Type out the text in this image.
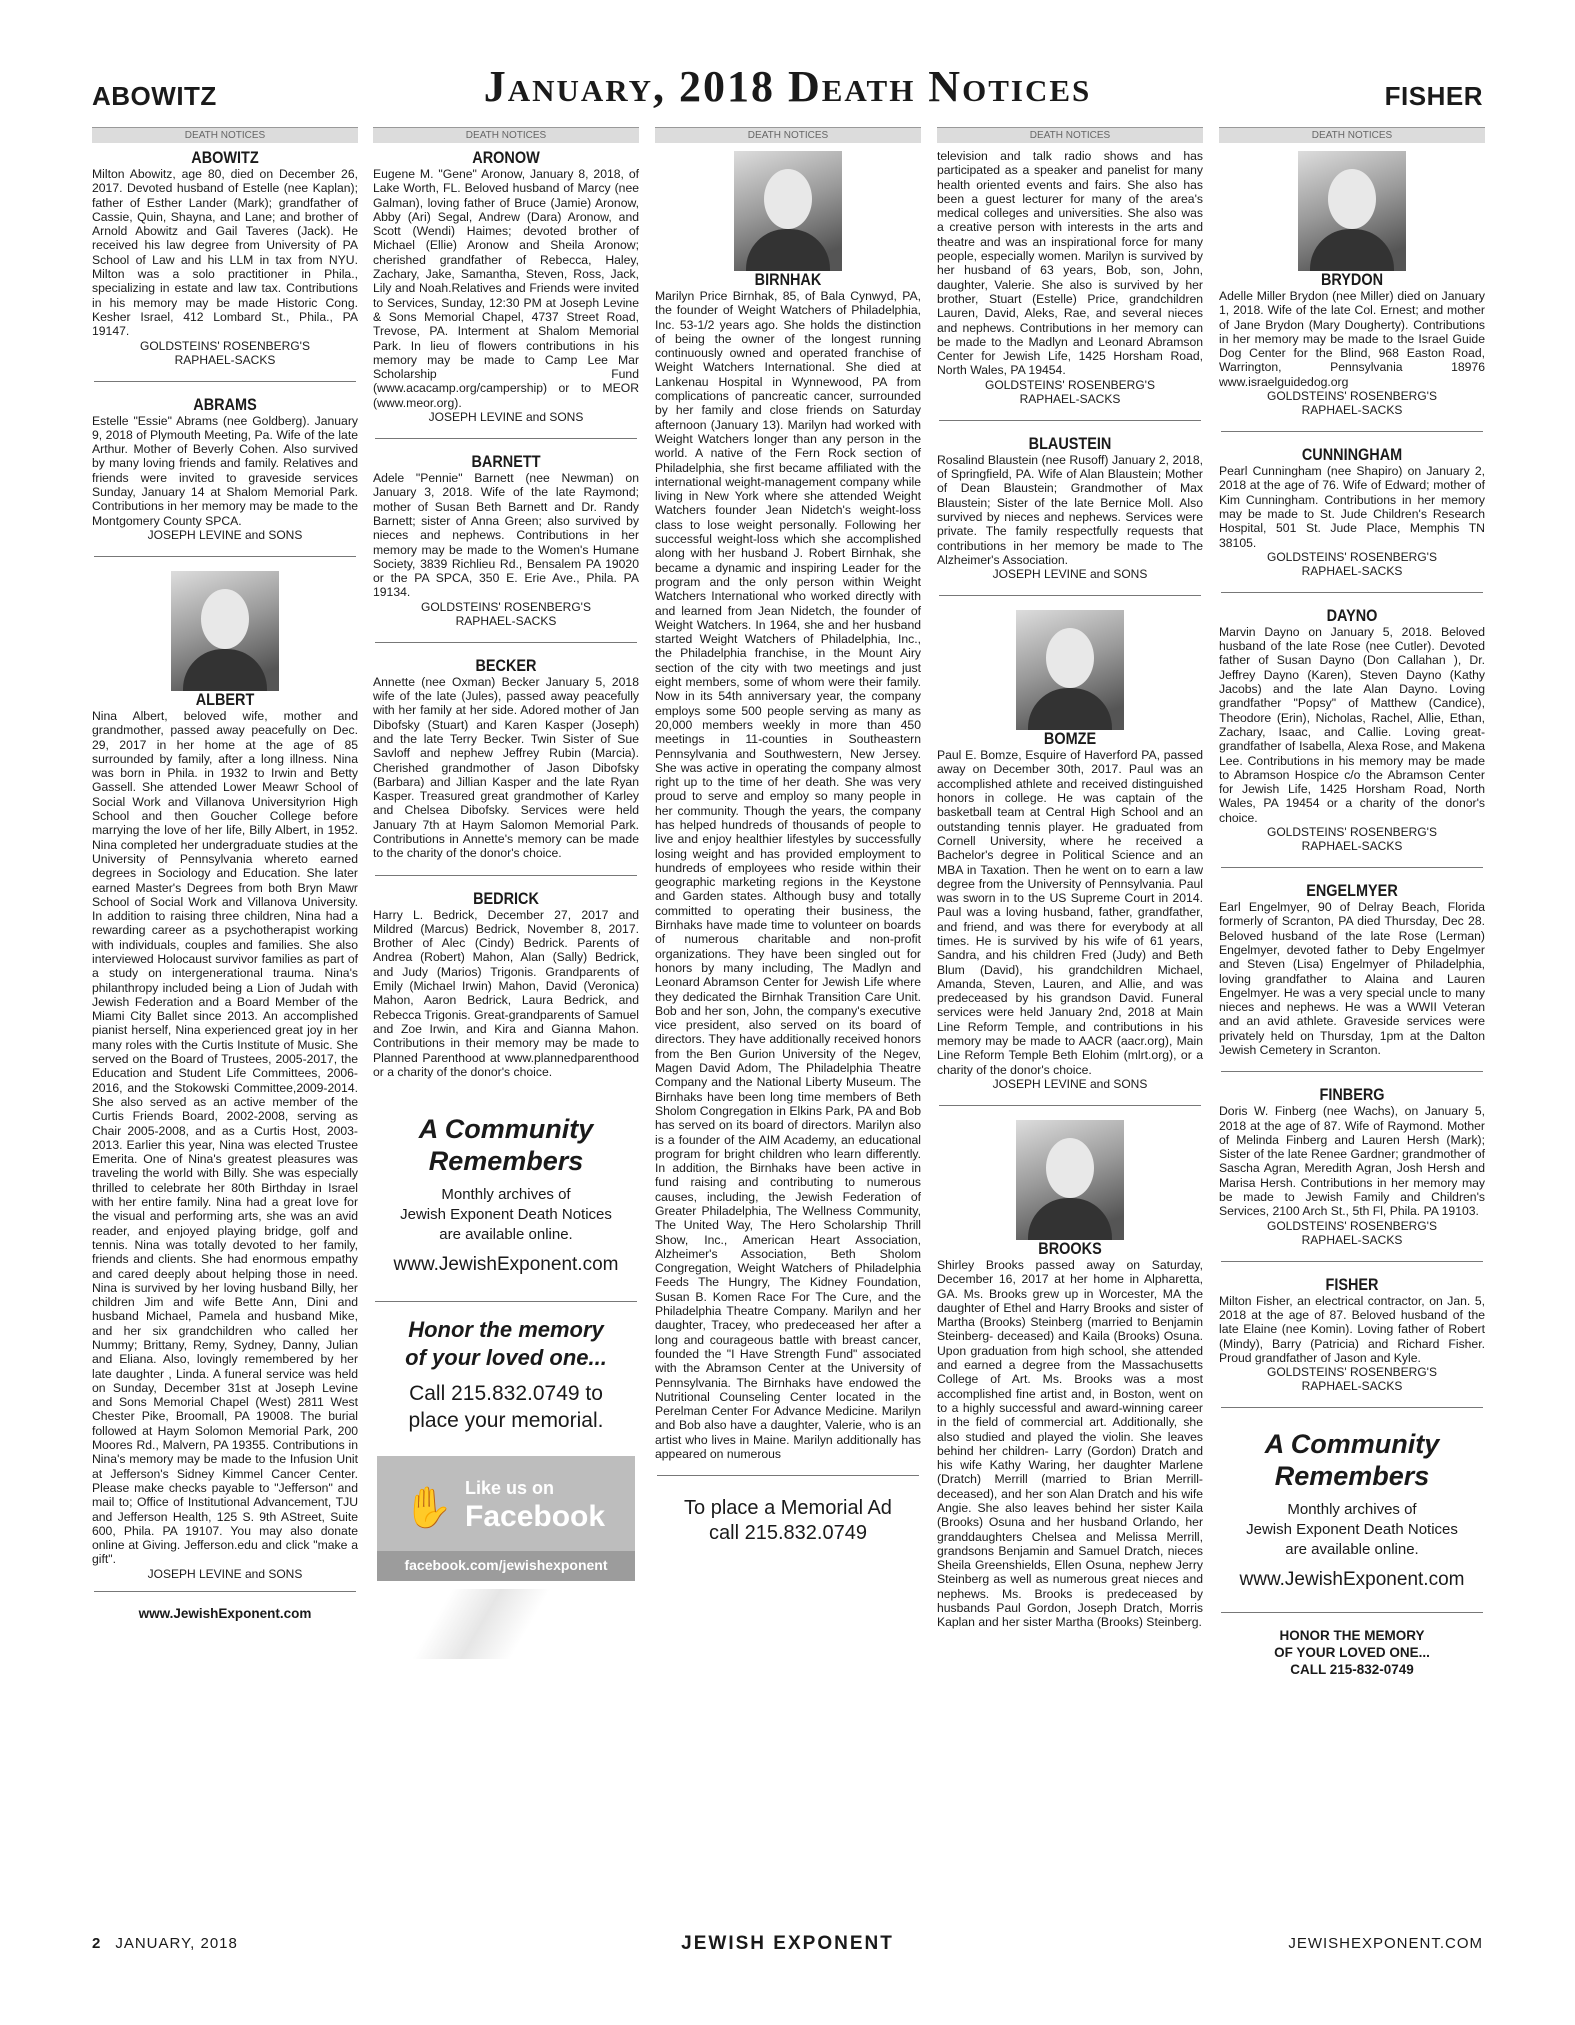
ABOWITZ	January, 2018 Death Notices	FISHER
DEATH NOTICES
ABOWITZ
Milton Abowitz, age 80, died on December 26, 2017. Devoted husband of Estelle (nee Kaplan); father of Esther Lander (Mark); grandfather of Cassie, Quin, Shayna, and Lane; and brother of Arnold Abowitz and Gail Taveres (Jack). He received his law degree from University of PA School of Law and his LLM in tax from NYU. Milton was a solo practitioner in Phila., specializing in estate and law tax. Contributions in his memory may be made Historic Cong. Kesher Israel, 412 Lombard St., Phila., PA 19147.
GOLDSTEINS' ROSENBERG'S
RAPHAEL-SACKS
ABRAMS
Estelle "Essie" Abrams (nee Goldberg). January 9, 2018 of Plymouth Meeting, Pa. Wife of the late Arthur. Mother of Beverly Cohen. Also survived by many loving friends and family. Relatives and friends were invited to graveside services Sunday, January 14 at Shalom Memorial Park. Contributions in her memory may be made to the Montgomery County SPCA.
JOSEPH LEVINE and SONS
ALBERT
Nina Albert, beloved wife, mother and grandmother, passed away peacefully on Dec. 29, 2017 in her home at the age of 85 surrounded by family, after a long illness. Nina was born in Phila. in 1932 to Irwin and Betty Gassell. She attended Lower Meawr School of Social Work and Villanova Universityrion High School and then Goucher College before marrying the love of her life, Billy Albert, in 1952. Nina completed her undergraduate studies at the University of Pennsylvania whereto earned degrees in Sociology and Education. She later earned Master's Degrees from both Bryn Mawr School of Social Work and Villanova University. In addition to raising three children, Nina had a rewarding career as a psychotherapist working with individuals, couples and families. She also interviewed Holocaust survivor families as part of a study on intergenerational trauma. Nina's philanthropy included being a Lion of Judah with Jewish Federation and a Board Member of the Miami City Ballet since 2013. An accomplished pianist herself, Nina experienced great joy in her many roles with the Curtis Institute of Music. She served on the Board of Trustees, 2005-2017, the Education and Student Life Committees, 2006-2016, and the Stokowski Committee,2009-2014. She also served as an active member of the Curtis Friends Board, 2002-2008, serving as Chair 2005-2008, and as a Curtis Host, 2003-2013. Earlier this year, Nina was elected Trustee Emerita. One of Nina's greatest pleasures was traveling the world with Billy. She was especially thrilled to celebrate her 80th Birthday in Israel with her entire family. Nina had a great love for the visual and performing arts, she was an avid reader, and enjoyed playing bridge, golf and tennis. Nina was totally devoted to her family, friends and clients. She had enormous empathy and cared deeply about helping those in need. Nina is survived by her loving husband Billy, her children Jim and wife Bette Ann, Dini and husband Michael, Pamela and husband Mike, and her six grandchildren who called her Nummy; Brittany, Remy, Sydney, Danny, Julian and Eliana. Also, lovingly remembered by her late daughter , Linda. A funeral service was held on Sunday, December 31st at Joseph Levine and Sons Memorial Chapel (West) 2811 West Chester Pike, Broomall, PA 19008. The burial followed at Haym Solomon Memorial Park, 200 Moores Rd., Malvern, PA 19355. Contributions in Nina's memory may be made to the Infusion Unit at Jefferson's Sidney Kimmel Cancer Center. Please make checks payable to "Jefferson" and mail to; Office of Institutional Advancement, TJU and Jefferson Health, 125 S. 9th AStreet, Suite 600, Phila. PA 19107. You may also donate online at Giving. Jefferson.edu and click "make a gift".
JOSEPH LEVINE and SONS
www.JewishExponent.com
DEATH NOTICES
ARONOW
Eugene M. "Gene" Aronow, January 8, 2018, of Lake Worth, FL. Beloved husband of Marcy (nee Galman), loving father of Bruce (Jamie) Aronow, Abby (Ari) Segal, Andrew (Dara) Aronow, and Scott (Wendi) Haimes; devoted brother of Michael (Ellie) Aronow and Sheila Aronow; cherished grandfather of Rebecca, Haley, Zachary, Jake, Samantha, Steven, Ross, Jack, Lily and Noah.Relatives and Friends were invited to Services, Sunday, 12:30 PM at Joseph Levine & Sons Memorial Chapel, 4737 Street Road, Trevose, PA. Interment at Shalom Memorial Park. In lieu of flowers contributions in his memory may be made to Camp Lee Mar Scholarship Fund (www.acacamp.org/campership) or to MEOR (www.meor.org).
JOSEPH LEVINE and SONS
BARNETT
Adele "Pennie" Barnett (nee Newman) on January 3, 2018. Wife of the late Raymond; mother of Susan Beth Barnett and Dr. Randy Barnett; sister of Anna Green; also survived by nieces and nephews. Contributions in her memory may be made to the Women's Humane Society, 3839 Richlieu Rd., Bensalem PA 19020 or the PA SPCA, 350 E. Erie Ave., Phila. PA 19134.
GOLDSTEINS' ROSENBERG'S
RAPHAEL-SACKS
BECKER
Annette (nee Oxman) Becker January 5, 2018 wife of the late (Jules), passed away peacefully with her family at her side. Adored mother of Jan Dibofsky (Stuart) and Karen Kasper (Joseph) and the late Terry Becker. Twin Sister of Sue Savloff and nephew Jeffrey Rubin (Marcia). Cherished grandmother of Jason Dibofsky (Barbara) and Jillian Kasper and the late Ryan Kasper. Treasured great grandmother of Karley and Chelsea Dibofsky. Services were held January 7th at Haym Salomon Memorial Park. Contributions in Annette's memory can be made to the charity of the donor's choice.
BEDRICK
Harry L. Bedrick, December 27, 2017 and Mildred (Marcus) Bedrick, November 8, 2017. Brother of Alec (Cindy) Bedrick. Parents of Andrea (Robert) Mahon, Alan (Sally) Bedrick, and Judy (Marios) Trigonis. Grandparents of Emily (Michael Irwin) Mahon, David (Veronica) Mahon, Aaron Bedrick, Laura Bedrick, and Rebecca Trigonis. Great-grandparents of Samuel and Zoe Irwin, and Kira and Gianna Mahon. Contributions in their memory may be made to Planned Parenthood at www.plannedparenthood or a charity of the donor's choice.
A Community Remembers
Monthly archives of
Jewish Exponent Death Notices
are available online.
www.JewishExponent.com
Honor the memory
of your loved one...
Call 215.832.0749 to
place your memorial.
✋ Like us on
Facebook
facebook.com/jewishexponent
DEATH NOTICES
BIRNHAK
Marilyn Price Birnhak, 85, of Bala Cynwyd, PA, the founder of Weight Watchers of Philadelphia, Inc. 53-1/2 years ago. She holds the distinction of being the owner of the longest running continuously owned and operated franchise of Weight Watchers International. She died at Lankenau Hospital in Wynnewood, PA from complications of pancreatic cancer, surrounded by her family and close friends on Saturday afternoon (January 13). Marilyn had worked with Weight Watchers longer than any person in the world. A native of the Fern Rock section of Philadelphia, she first became affiliated with the international weight-management company while living in New York where she attended Weight Watchers founder Jean Nidetch's weight-loss class to lose weight personally. Following her successful weight-loss which she accomplished along with her husband J. Robert Birnhak, she became a dynamic and inspiring Leader for the program and the only person within Weight Watchers International who worked directly with and learned from Jean Nidetch, the founder of Weight Watchers. In 1964, she and her husband started Weight Watchers of Philadelphia, Inc., the Philadelphia franchise, in the Mount Airy section of the city with two meetings and just eight members, some of whom were their family. Now in its 54th anniversary year, the company employs some 500 people serving as many as 20,000 members weekly in more than 450 meetings in 11-counties in Southeastern Pennsylvania and Southwestern, New Jersey. She was active in operating the company almost right up to the time of her death. She was very proud to serve and employ so many people in her community. Though the years, the company has helped hundreds of thousands of people to live and enjoy healthier lifestyles by successfully losing weight and has provided employment to hundreds of employees who reside within their geographic marketing regions in the Keystone and Garden states. Although busy and totally committed to operating their business, the Birnhaks have made time to volunteer on boards of numerous charitable and non-profit organizations. They have been singled out for honors by many including, The Madlyn and Leonard Abramson Center for Jewish Life where they dedicated the Birnhak Transition Care Unit. Bob and her son, John, the company's executive vice president, also served on its board of directors. They have additionally received honors from the Ben Gurion University of the Negev, Magen David Adom, The Philadelphia Theatre Company and the National Liberty Museum. The Birnhaks have been long time members of Beth Sholom Congregation in Elkins Park, PA and Bob has served on its board of directors. Marilyn also is a founder of the AIM Academy, an educational program for bright children who learn differently. In addition, the Birnhaks have been active in fund raising and contributing to numerous causes, including, the Jewish Federation of Greater Philadelphia, The Wellness Community, The United Way, The Hero Scholarship Thrill Show, Inc., American Heart Association, Alzheimer's Association, Beth Sholom Congregation, Weight Watchers of Philadelphia Feeds The Hungry, The Kidney Foundation, Susan B. Komen Race For The Cure, and the Philadelphia Theatre Company. Marilyn and her daughter, Tracey, who predeceased her after a long and courageous battle with breast cancer, founded the "I Have Strength Fund" associated with the Abramson Center at the University of Pennsylvania. The Birnhaks have endowed the Nutritional Counseling Center located in the Perelman Center For Advance Medicine. Marilyn and Bob also have a daughter, Valerie, who is an artist who lives in Maine. Marilyn additionally has appeared on numerous
To place a Memorial Ad
call 215.832.0749
DEATH NOTICES
television and talk radio shows and has participated as a speaker and panelist for many health oriented events and fairs. She also has been a guest lecturer for many of the area's medical colleges and universities. She also was a creative person with interests in the arts and theatre and was an inspirational force for many people, especially women. Marilyn is survived by her husband of 63 years, Bob, son, John, daughter, Valerie. She also is survived by her brother, Stuart (Estelle) Price, grandchildren Lauren, David, Aleks, Rae, and several nieces and nephews. Contributions in her memory can be made to the Madlyn and Leonard Abramson Center for Jewish Life, 1425 Horsham Road, North Wales, PA 19454.
GOLDSTEINS' ROSENBERG'S
RAPHAEL-SACKS
BLAUSTEIN
Rosalind Blaustein (nee Rusoff) January 2, 2018, of Springfield, PA. Wife of Alan Blaustein; Mother of Dean Blaustein; Grandmother of Max Blaustein; Sister of the late Bernice Moll. Also survived by nieces and nephews. Services were private. The family respectfully requests that contributions in her memory be made to The Alzheimer's Association.
JOSEPH LEVINE and SONS
BOMZE
Paul E. Bomze, Esquire of Haverford PA, passed away on December 30th, 2017. Paul was an accomplished athlete and received distinguished honors in college. He was captain of the basketball team at Central High School and an outstanding tennis player. He graduated from Cornell University, where he received a Bachelor's degree in Political Science and an MBA in Taxation. Then he went on to earn a law degree from the University of Pennsylvania. Paul was sworn in to the US Supreme Court in 2014. Paul was a loving husband, father, grandfather, and friend, and was there for everybody at all times. He is survived by his wife of 61 years, Sandra, and his children Fred (Judy) and Beth Blum (David), his grandchildren Michael, Amanda, Steven, Lauren, and Allie, and was predeceased by his grandson David. Funeral services were held January 2nd, 2018 at Main Line Reform Temple, and contributions in his memory may be made to AACR (aacr.org), Main Line Reform Temple Beth Elohim (mlrt.org), or a charity of the donor's choice.
JOSEPH LEVINE and SONS
BROOKS
Shirley Brooks passed away on Saturday, December 16, 2017 at her home in Alpharetta, GA. Ms. Brooks grew up in Worcester, MA the daughter of Ethel and Harry Brooks and sister of Martha (Brooks) Steinberg (married to Benjamin Steinberg- deceased) and Kaila (Brooks) Osuna. Upon graduation from high school, she attended and earned a degree from the Massachusetts College of Art. Ms. Brooks was a most accomplished fine artist and, in Boston, went on to a highly successful and award-winning career in the field of commercial art. Additionally, she also studied and played the violin. She leaves behind her children- Larry (Gordon) Dratch and his wife Kathy Waring, her daughter Marlene (Dratch) Merrill (married to Brian Merrill- deceased), and her son Alan Dratch and his wife Angie. She also leaves behind her sister Kaila (Brooks) Osuna and her husband Orlando, her granddaughters Chelsea and Melissa Merrill, grandsons Benjamin and Samuel Dratch, nieces Sheila Greenshields, Ellen Osuna, nephew Jerry Steinberg as well as numerous great nieces and nephews. Ms. Brooks is predeceased by husbands Paul Gordon, Joseph Dratch, Morris Kaplan and her sister Martha (Brooks) Steinberg.
DEATH NOTICES
BRYDON
Adelle Miller Brydon (nee Miller) died on January 1, 2018. Wife of the late Col. Ernest; and mother of Jane Brydon (Mary Dougherty). Contributions in her memory may be made to the Israel Guide Dog Center for the Blind, 968 Easton Road, Warrington, Pennsylvania 18976 www.israelguidedog.org
GOLDSTEINS' ROSENBERG'S
RAPHAEL-SACKS
CUNNINGHAM
Pearl Cunningham (nee Shapiro) on January 2, 2018 at the age of 76. Wife of Edward; mother of Kim Cunningham. Contributions in her memory may be made to St. Jude Children's Research Hospital, 501 St. Jude Place, Memphis TN 38105.
GOLDSTEINS' ROSENBERG'S
RAPHAEL-SACKS
DAYNO
Marvin Dayno on January 5, 2018. Beloved husband of the late Rose (nee Cutler). Devoted father of Susan Dayno (Don Callahan ), Dr. Jeffrey Dayno (Karen), Steven Dayno (Kathy Jacobs) and the late Alan Dayno. Loving grandfather "Popsy" of Matthew (Candice), Theodore (Erin), Nicholas, Rachel, Allie, Ethan, Zachary, Isaac, and Callie. Loving great-grandfather of Isabella, Alexa Rose, and Makena Lee. Contributions in his memory may be made to Abramson Hospice c/o the Abramson Center for Jewish Life, 1425 Horsham Road, North Wales, PA 19454 or a charity of the donor's choice.
GOLDSTEINS' ROSENBERG'S
RAPHAEL-SACKS
ENGELMYER
Earl Engelmyer, 90 of Delray Beach, Florida formerly of Scranton, PA died Thursday, Dec 28. Beloved husband of the late Rose (Lerman) Engelmyer, devoted father to Deby Engelmyer and Steven (Lisa) Engelmyer of Philadelphia, loving grandfather to Alaina and Lauren Engelmyer. He was a very special uncle to many nieces and nephews. He was a WWII Veteran and an avid athlete. Graveside services were privately held on Thursday, 1pm at the Dalton Jewish Cemetery in Scranton.
FINBERG
Doris W. Finberg (nee Wachs), on January 5, 2018 at the age of 87. Wife of Raymond. Mother of Melinda Finberg and Lauren Hersh (Mark); Sister of the late Renee Gardner; grandmother of Sascha Agran, Meredith Agran, Josh Hersh and Marisa Hersh. Contributions in her memory may be made to Jewish Family and Children's Services, 2100 Arch St., 5th Fl, Phila. PA 19103.
GOLDSTEINS' ROSENBERG'S
RAPHAEL-SACKS
FISHER
Milton Fisher, an electrical contractor, on Jan. 5, 2018 at the age of 87. Beloved husband of the late Elaine (nee Komin). Loving father of Robert (Mindy), Barry (Patricia) and Richard Fisher. Proud grandfather of Jason and Kyle.
GOLDSTEINS' ROSENBERG'S
RAPHAEL-SACKS
A Community Remembers
Monthly archives of
Jewish Exponent Death Notices
are available online.
www.JewishExponent.com
HONOR THE MEMORY
OF YOUR LOVED ONE...
CALL 215-832-0749
2 JANUARY, 2018	JEWISH EXPONENT	JEWISHEXPONENT.COM
